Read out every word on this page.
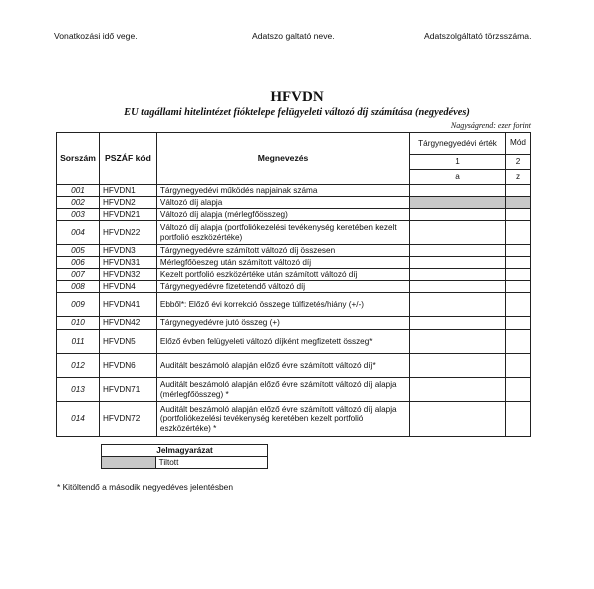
Vonatkozási idő vege.	Adatszo galtató neve.	Adatszolgáltató törzsszáma.
HFVDN
EU tagállami hitelintézet fióktelepe felügyeleti változó díj számítása (negyedéves)
Nagyságrend: ezer forint
Sorszám	PSZÁF kód	Megnevezés	Tárgynegyedévi érték	Mód
			1	2
			a	z
001	HFVDN1	Tárgynegyedévi működés napjainak száma		
002	HFVDN2	Változó díj alapja		
003	HFVDN21	Változó díj alapja (mérlegfőösszeg)		
004	HFVDN22	Változó díj alapja (portfoliókezelési tevékenység keretében kezelt portfolió eszközértéke)		
005	HFVDN3	Tárgynegyedévre számított változó díj összesen		
006	HFVDN31	Mérlegfőöeszeg után számított változó díj		
007	HFVDN32	Kezelt portfolió eszközértéke után számított változó díj		
008	HFVDN4	Tárgynegyedévre fizetetendő változó díj		
009	HFVDN41	Ebből*: Előző évi korrekció összege túlfizetés/hiány (+/-)		
010	HFVDN42	Tárgynegyedévre jutó összeg (+)		
011	HFVDN5	Előző évben felügyeleti változó díjként megfizetett összeg*		
012	HFVDN6	Auditált beszámoló alapján előző évre számított változó díj*		
013	HFVDN71	Auditált beszámoló alapján előző évre számított változó díj alapja (mérlegfőösszeg) *		
014	HFVDN72	Auditált beszámoló alapján előző évre számított változó díj alapja (portfoliókezelési tevékenység keretében kezelt portfolió eszközértéke) *		
Jelmagyarázat
	Tiltott
* Kitöltendő a második negyedéves jelentésben
